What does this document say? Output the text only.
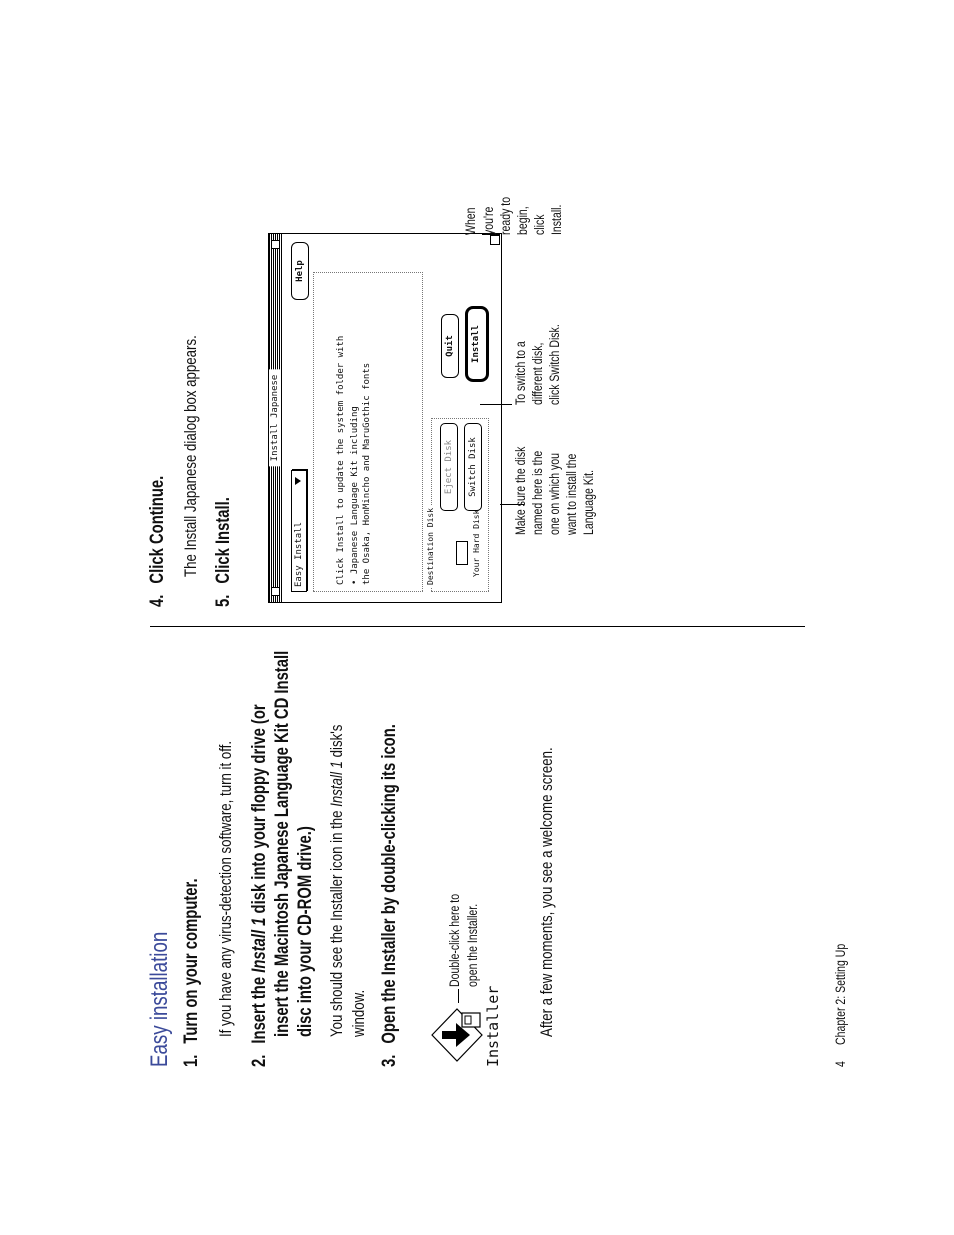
Easy installation 1.Turn on your computer. If you have any virus-detection software, turn it off.
2.Insert the Install 1 disk into your floppy drive (or insert the Macintosh Japanese Language Kit CD Install disc into your CD-ROM drive.) You should see the Installer icon in the Install 1 disk's
window.
3.Open the Installer by double-clicking its icon.	Installer
Double-click here to open the Installer.	After a few moments, you see a welcome screen.
4.Click Continue. The Install Japanese dialog box appears.
5.Click Install.
Install Japanese
Easy Install
Help
Click Install to update the system folder with • Japanese Language Kit including the Osaka, HonMincho and MaruGothic fonts	Destination Disk	Your Hard Disk
Eject Disk	Switch Disk
Quit	Install
Make sure the disk named here is the one on which you want to install the Language Kit.
To switch to a different disk, click Switch Disk.
When you're ready to begin, click Install.
4
Chapter 2: Setting Up
